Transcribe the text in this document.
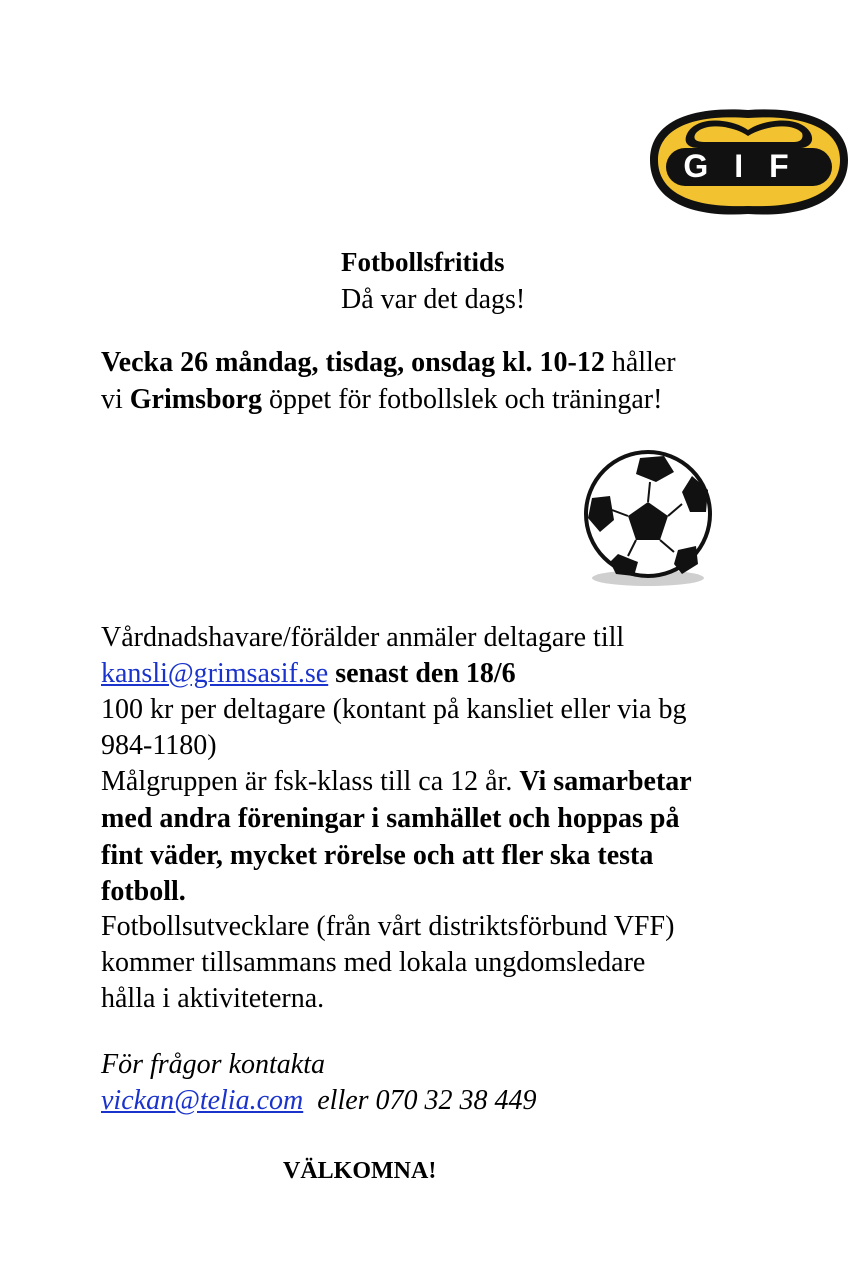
GIF
Fotbollsfritids
Då var det dags!
Vecka 26 måndag, tisdag, onsdag kl. 10-12 håller
vi Grimsborg öppet för fotbollslek och träningar!
Vårdnadshavare/förälder anmäler deltagare till
kansli@grimsasif.se senast den 18/6
100 kr per deltagare (kontant på kansliet eller via bg
984-1180)
Målgruppen är fsk-klass till ca 12 år. Vi samarbetar
med andra föreningar i samhället och hoppas på
fint väder, mycket rörelse och att fler ska testa
fotboll.
Fotbollsutvecklare (från vårt distriktsförbund VFF)
kommer tillsammans med lokala ungdomsledare
hålla i aktiviteterna.
För frågor kontakta
vickan@telia.com  eller 070 32 38 449
VÄLKOMNA!
